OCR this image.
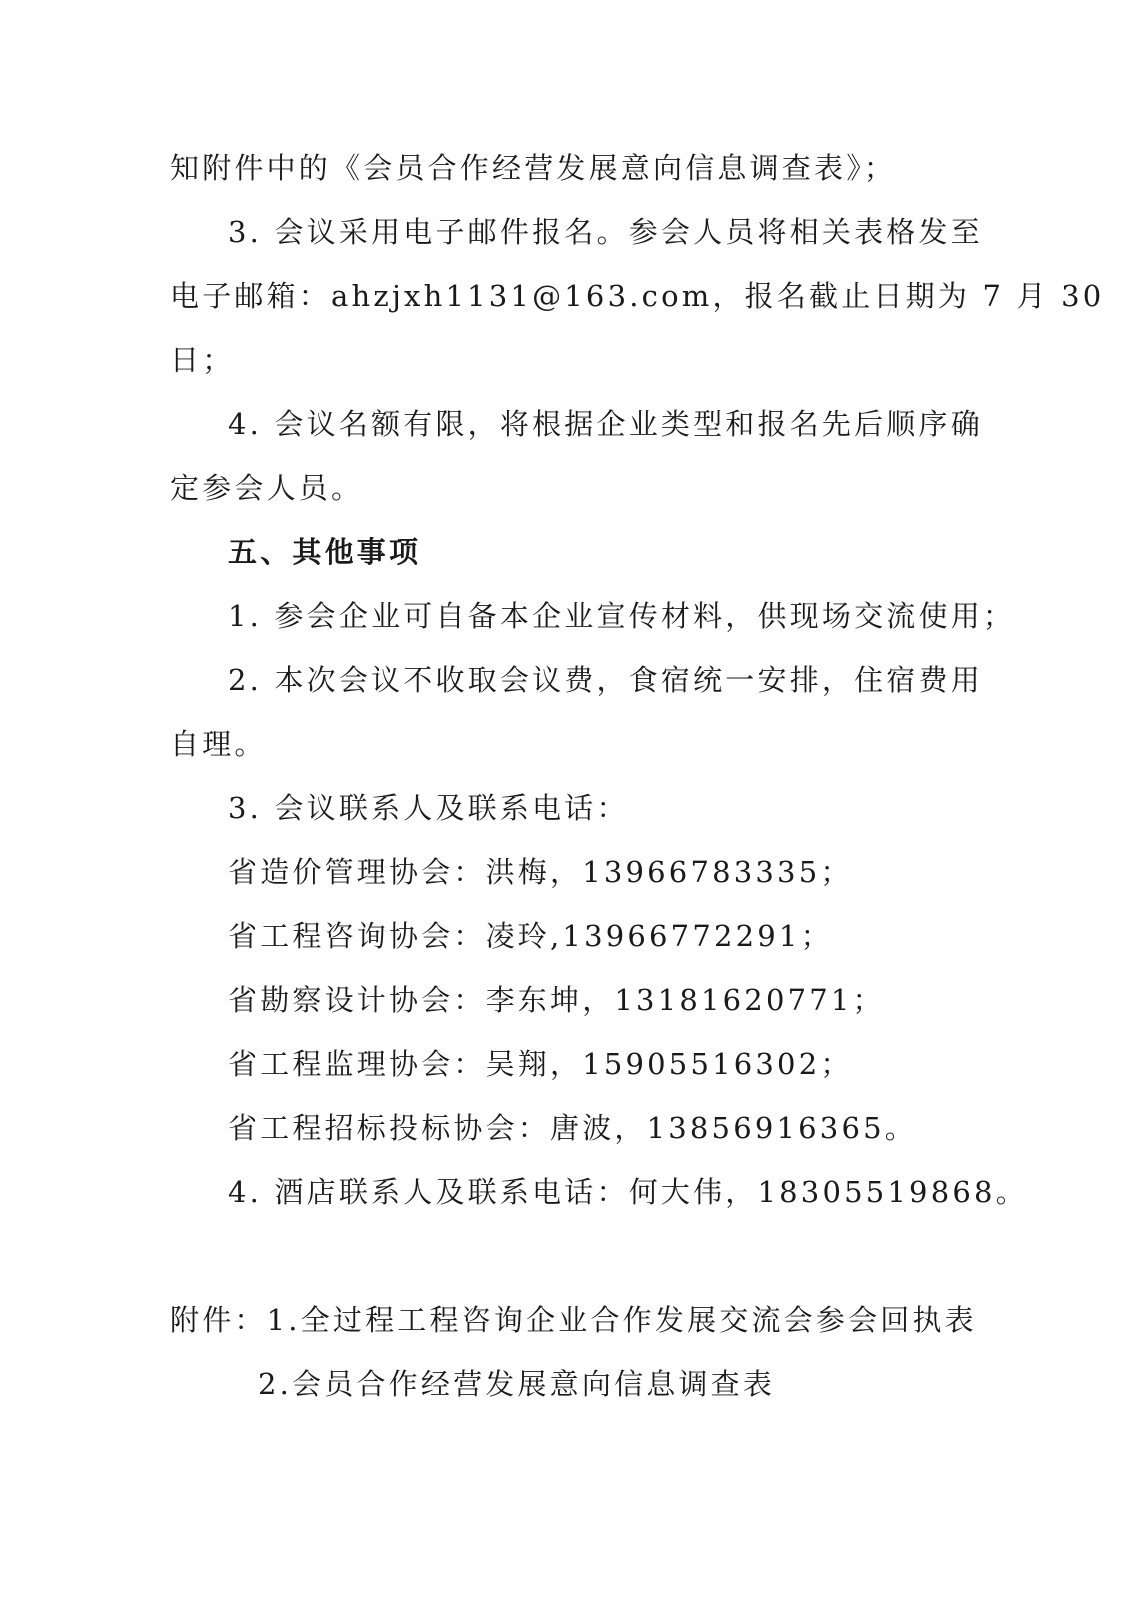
知附件中的《会员合作经营发展意向信息调查表》；
3. 会议采用电子邮件报名。参会人员将相关表格发至
电子邮箱：ahzjxh1131@163.com，报名截止日期为 7 月 30
日；
4. 会议名额有限，将根据企业类型和报名先后顺序确
定参会人员。
五、其他事项
1. 参会企业可自备本企业宣传材料，供现场交流使用；
2. 本次会议不收取会议费，食宿统一安排，住宿费用
自理。
3. 会议联系人及联系电话：
省造价管理协会：洪梅，13966783335；
省工程咨询协会：凌玲,13966772291；
省勘察设计协会：李东坤，13181620771；
省工程监理协会：吴翔，15905516302；
省工程招标投标协会：唐波，13856916365。
4. 酒店联系人及联系电话：何大伟，18305519868。
附件：1.全过程工程咨询企业合作发展交流会参会回执表
2.会员合作经营发展意向信息调查表
